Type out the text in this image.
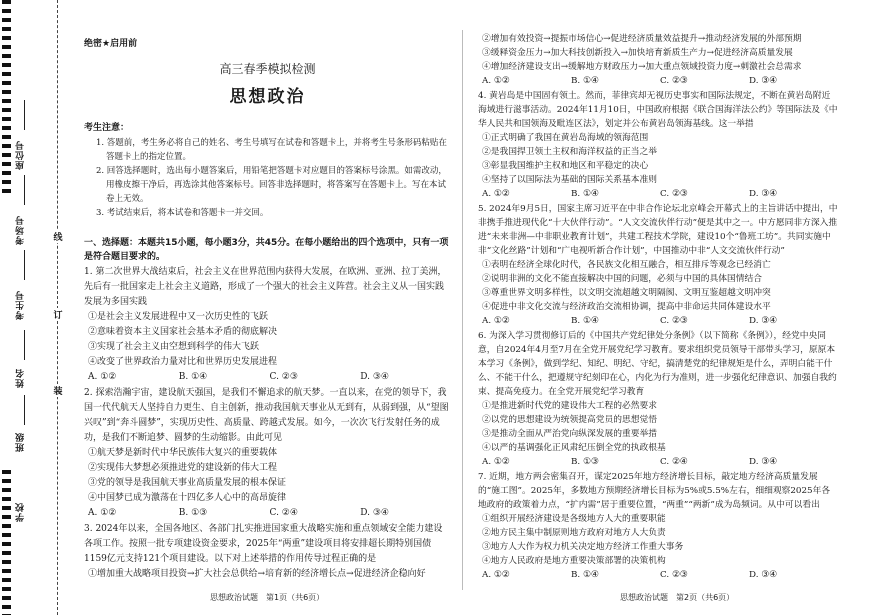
座位号
考场号
考生号
姓名
班级
学校
线
订
装
绝密★启用前
高三春季模拟检测
思想政治
考生注意：
1. 答题前，考生务必将自己的姓名、考生号填写在试卷和答题卡上，并将考生号条形码粘贴在答题卡上的指定位置。
2. 回答选择题时，选出每小题答案后，用铅笔把答题卡对应题目的答案标号涂黑。如需改动，用橡皮擦干净后，再选涂其他答案标号。回答非选择题时，将答案写在答题卡上。写在本试卷上无效。
3. 考试结束后，将本试卷和答题卡一并交回。
一、选择题：本题共15小题，每小题3分，共45分。在每小题给出的四个选项中，只有一项是符合题目要求的。
1. 第二次世界大战结束后，社会主义在世界范围内获得大发展，在欧洲、亚洲、拉丁美洲，先后有一批国家走上社会主义道路，形成了一个强大的社会主义阵营。社会主义从一国实践发展为多国实践
①是社会主义发展进程中又一次历史性的飞跃
②意味着资本主义国家社会基本矛盾的彻底解决
③实现了社会主义由空想到科学的伟大飞跃
④改变了世界政治力量对比和世界历史发展进程
A. ①②	B. ①④	C. ②③	D. ③④
2. 探索浩瀚宇宙，建设航天强国，是我们不懈追求的航天梦。一直以来，在党的领导下，我国一代代航天人坚持自力更生、自主创新，推动我国航天事业从无到有，从弱到强，从“望图兴叹”到“奔斗圆梦”，实现历史性、高质量、跨越式发展。如今，一次次飞行发射任务的成功，是我们不断追梦、圆梦的生动缩影。由此可见
①航天梦是新时代中华民族伟大复兴的重要载体
②实现伟大梦想必须推进党的建设新的伟大工程
③党的领导是我国航天事业高质量发展的根本保证
④中国梦已成为激荡在十四亿多人心中的高昂旋律
A. ①②	B. ①③	C. ②④	D. ③④
3. 2024年以来，全国各地区、各部门扎实推进国家重大战略实施和重点领域安全能力建设各项工作。按照一批专项建设资金要求，2025年“两重”建设项目将安排超长期特别国债1159亿元支持121个项目建设。以下对上述举措的作用传导过程正确的是
①增加重大战略项目投资→扩大社会总供给→培育新的经济增长点→促进经济企稳向好
②增加有效投资→提振市场信心→促进经济质量效益提升→推动经济发展的外部预期
③缓释资金压力→加大科技创新投入→加快培育新质生产力→促进经济高质量发展
④增加经济建设支出→缓解地方财政压力→加大重点领域投资力度→刺激社会总需求
A. ①②	B. ①④	C. ②③	D. ③④
4. 黄岩岛是中国固有领土。然而，菲律宾却无视历史事实和国际法规定，不断在黄岩岛附近海域进行滋事活动。2024年11月10日，中国政府根据《联合国海洋法公约》等国际法及《中华人民共和国领海及毗连区法》，划定并公布黄岩岛领海基线。这一举措
①正式明确了我国在黄岩岛海域的领海范围
②是我国捍卫领土主权和海洋权益的正当之举
③彰显我国维护主权和地区和平稳定的决心
④坚持了以国际法为基础的国际关系基本准则
A. ①②	B. ①④	C. ②③	D. ③④
5. 2024年9月5日，国家主席习近平在中非合作论坛北京峰会开幕式上的主旨讲话中提出，中非携手推进现代化“十大伙伴行动”。“人文交流伙伴行动”便是其中之一。中方愿同非方深入推进“未来非洲—中非职业教育计划”，共建工程技术学院，建设10个“鲁班工坊”。共同实施中非“文化丝路”计划和“广电视听新合作计划”，中国推动中非“人文交流伙伴行动”
①表明在经济全球化时代，各民族文化相互融合，相互排斥等观念已经消亡
②说明非洲的文化不能直接解决中国的问题，必须与中国的具体国情结合
③尊重世界文明多样性，以文明交流超越文明隔阂、文明互鉴超越文明冲突
④促进中非文化交流与经济政治交流相协调，提高中非命运共同体建设水平
A. ①②	B. ①④	C. ②③	D. ③④
6. 为深入学习贯彻修订后的《中国共产党纪律处分条例》（以下简称《条例》），经党中央同意，自2024年4月至7月在全党开展党纪学习教育。要求组织党员领导干部带头学习，原原本本学习《条例》，做到学纪、知纪、明纪、守纪，搞清楚党的纪律规矩是什么，弄明白能干什么、不能干什么，把遵规守纪刻印在心，内化为行为准则，进一步强化纪律意识、加强自我约束、提高免疫力。在全党开展党纪学习教育
①是推进新时代党的建设伟大工程的必然要求
②以党的思想建设为统领提高党员的思想觉悟
③是推动全面从严治党向纵深发展的重要举措
④以严的基调强化正风肃纪压倒全党的执政根基
A. ①②	B. ①③	C. ②④	D. ③④
7. 近期，地方两会密集召开，谋定2025年地方经济增长目标，敲定地方经济高质量发展的“施工图”。2025年，多数地方预期经济增长目标为5%或5.5%左右，细细观察2025年各地政府的政策着力点，“扩内需”居于重要位置，“两重”“两新”成为岛频词。从中可以看出
①组织开展经济建设是各级地方人大的重要职能
②地方民主集中制原则地方政府对地方人大负责
③地方人大作为权力机关决定地方经济工作重大事务
④地方人民政府是地方重要决策部署的决策机构
A. ①②	B. ①④	C. ②③	D. ③④
思想政治试题　第1页（共6页）	思想政治试题　第2页（共6页）
